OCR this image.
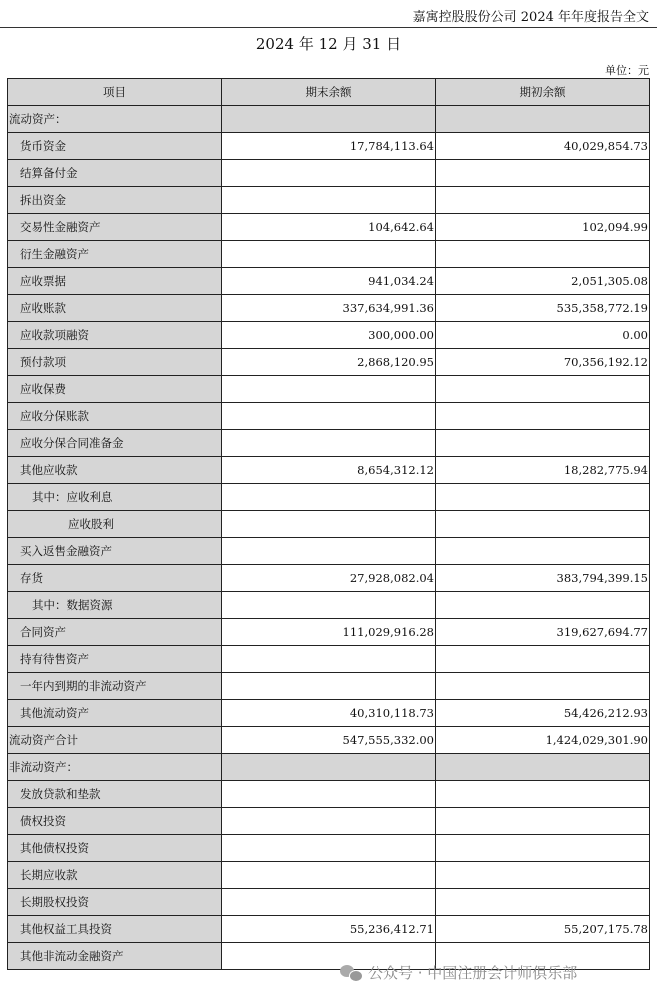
嘉寓控股股份公司 2024 年年度报告全文
2024 年 12 月 31 日
单位：元
项目	期末余额	期初余额
流动资产：		
货币资金	17,784,113.64	40,029,854.73
结算备付金		
拆出资金		
交易性金融资产	104,642.64	102,094.99
衍生金融资产		
应收票据	941,034.24	2,051,305.08
应收账款	337,634,991.36	535,358,772.19
应收款项融资	300,000.00	0.00
预付款项	2,868,120.95	70,356,192.12
应收保费		
应收分保账款		
应收分保合同准备金		
其他应收款	8,654,312.12	18,282,775.94
其中：应收利息		
应收股利		
买入返售金融资产		
存货	27,928,082.04	383,794,399.15
其中：数据资源		
合同资产	111,029,916.28	319,627,694.77
持有待售资产		
一年内到期的非流动资产		
其他流动资产	40,310,118.73	54,426,212.93
流动资产合计	547,555,332.00	1,424,029,301.90
非流动资产：		
发放贷款和垫款		
债权投资		
其他债权投资		
长期应收款		
长期股权投资		
其他权益工具投资	55,236,412.71	55,207,175.78
其他非流动金融资产		
公众号 · 中国注册会计师俱乐部
